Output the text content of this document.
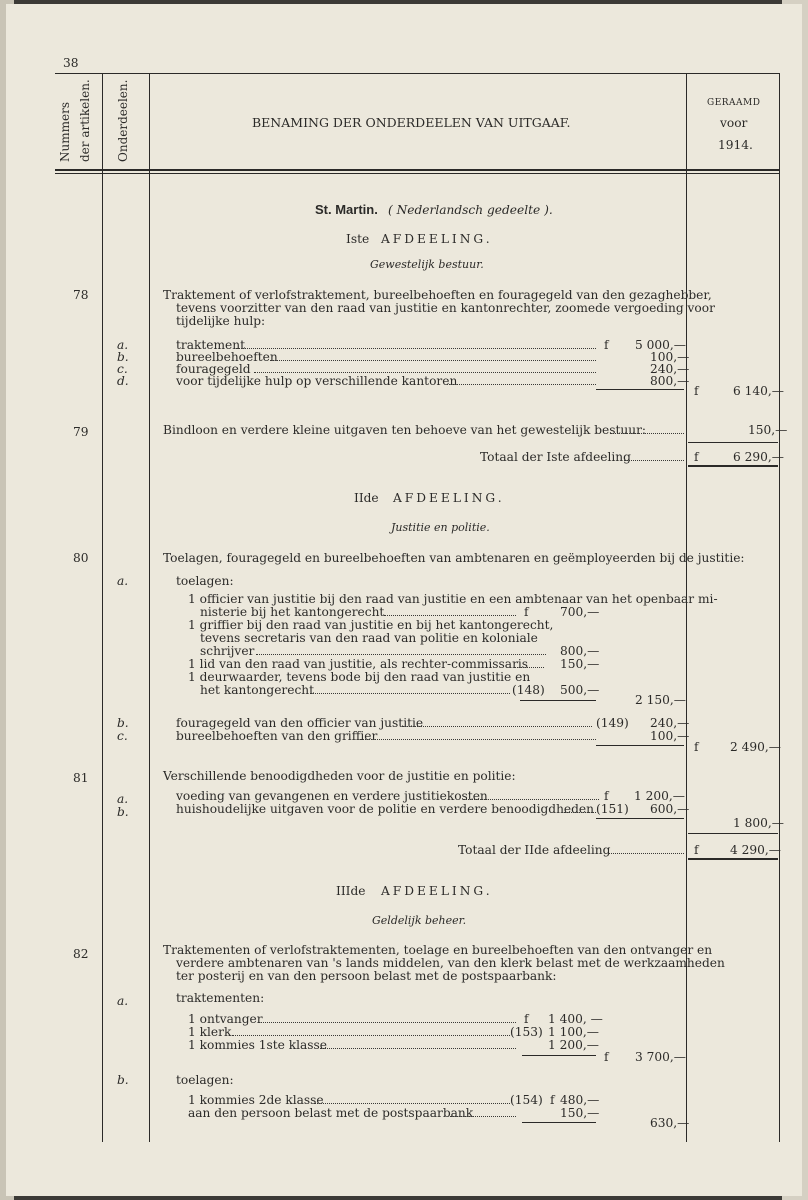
38
Nummers der artikelen. Onderdeelen.	BENAMING DER ONDERDEELEN VAN UITGAAF.
GERAAMD
voor
1914.
St. Martin. ( Nederlandsch gedeelte ).
Iste AFDEELING.
Gewestelijk bestuur.
78	Traktement of verlofstraktement, bureelbehoeften en fouragegeld van den gezaghebber,
tevens voorzitter van den raad van justitie en kantonrechter, zoomede vergoeding voor
tijdelijke hulp:
a.	traktement	f 5 000,—
b.	bureelbehoeften	100,—
c.	fouragegeld	240,—
d.	voor tijdelijke hulp op verschillende kantoren	800,—
f	6 140,—
79	Bindloon en verdere kleine uitgaven ten behoeve van het gewestelijk bestuur:	150,—
Totaal der Iste afdeeling	f	6 290,—
IIde AFDEELING.
Justitie en politie.
80	Toelagen, fouragegeld en bureelbehoeften van ambtenaren en geëmployeerden bij de justitie:
a.	toelagen:
1 officier van justitie bij den raad van justitie en een ambtenaar van het openbaar mi-
nisterie bij het kantongerecht	f	700,—
1 griffier bij den raad van justitie en bij het kantongerecht,
tevens secretaris van den raad van politie en koloniale
schrijver	800,—
1 lid van den raad van justitie, als rechter-commissaris	150,—
1 deurwaarder, tevens bode bij den raad van justitie en
het kantongerecht	(148) 500,—
2 150,—
b.	fouragegeld van den officier van justitie	(149) 240,—
c.	bureelbehoeften van den griffier	100,—
f	2 490,—
81	Verschillende benoodigdheden voor de justitie en politie:
a.	voeding van gevangenen en verdere justitiekosten	f 1 200,—
b.	huishoudelijke uitgaven voor de politie en verdere benoodigdheden (151) 600,—
1 800,—
Totaal der IIde afdeeling	f	4 290,—
IIIde AFDEELING.
Geldelijk beheer.
82	Traktementen of verlofstraktementen, toelage en bureelbehoeften van den ontvanger en
verdere ambtenaren van 's lands middelen, van den klerk belast met de werkzaamheden
ter posterij en van den persoon belast met de postspaarbank:
a.	traktementen:
1 ontvanger	f 1 400, —
1 klerk	(153) 1 100,—
1 kommies 1ste klasse	1 200,—
f 3 700,—
b.	toelagen:
1 kommies 2de klasse	(154) f 480,—
aan den persoon belast met de postspaarbank	150,—
630,—
